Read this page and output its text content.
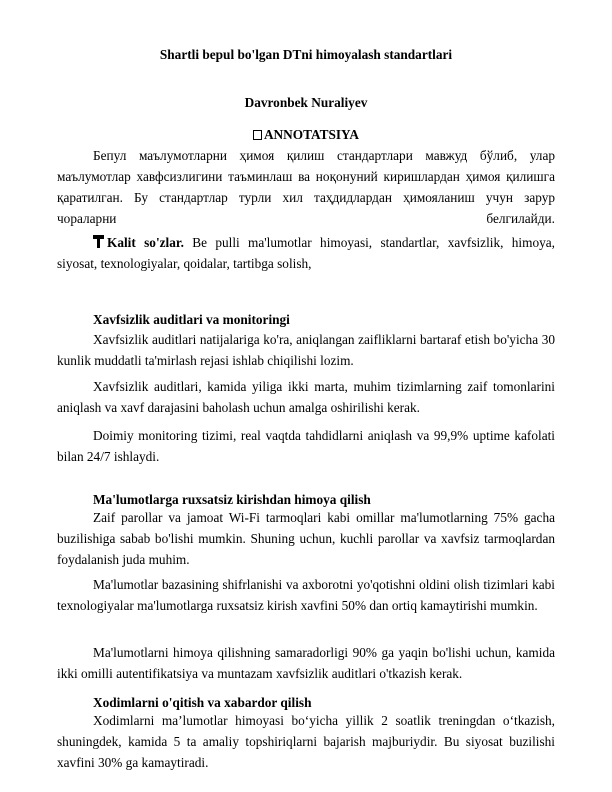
Shartli bepul bo'lgan DTni himoyalash standartlari
Davronbek Nuraliyev
ANNOTATSIYA
Бепул маълумотларни ҳимоя қилиш стандартлари мавжуд бўлиб, улар маълумотлар хавфсизлигини таъминлаш ва ноқонуний киришлардан ҳимоя қилишга қаратилган. Бу стандартлар турли хил таҳдидлардан ҳимояланиш учун зарур чораларни белгилайди.
Kalit so'zlar. Be pulli ma'lumotlar himoyasi, standartlar, xavfsizlik, himoya, siyosat, texnologiyalar, qoidalar, tartibga solish,
Xavfsizlik auditlari va monitoringi
Xavfsizlik auditlari natijalariga ko'ra, aniqlangan zaifliklarni bartaraf etish bo'yicha 30 kunlik muddatli ta'mirlash rejasi ishlab chiqilishi lozim.
Xavfsizlik auditlari, kamida yiliga ikki marta, muhim tizimlarning zaif tomonlarini aniqlash va xavf darajasini baholash uchun amalga oshirilishi kerak.
Doimiy monitoring tizimi, real vaqtda tahdidlarni aniqlash va 99,9% uptime kafolati bilan 24/7 ishlaydi.
Ma'lumotlarga ruxsatsiz kirishdan himoya qilish
Zaif parollar va jamoat Wi-Fi tarmoqlari kabi omillar ma'lumotlarning 75% gacha buzilishiga sabab bo'lishi mumkin. Shuning uchun, kuchli parollar va xavfsiz tarmoqlardan foydalanish juda muhim.
Ma'lumotlar bazasining shifrlanishi va axborotni yo'qotishni oldini olish tizimlari kabi texnologiyalar ma'lumotlarga ruxsatsiz kirish xavfini 50% dan ortiq kamaytirishi mumkin.
Ma'lumotlarni himoya qilishning samaradorligi 90% ga yaqin bo'lishi uchun, kamida ikki omilli autentifikatsiya va muntazam xavfsizlik auditlari o'tkazish kerak.
Xodimlarni o'qitish va xabardor qilish
Xodimlarni ma’lumotlar himoyasi bo‘yicha yillik 2 soatlik treningdan o‘tkazish, shuningdek, kamida 5 ta amaliy topshiriqlarni bajarish majburiydir. Bu siyosat buzilishi xavfini 30% ga kamaytiradi.
